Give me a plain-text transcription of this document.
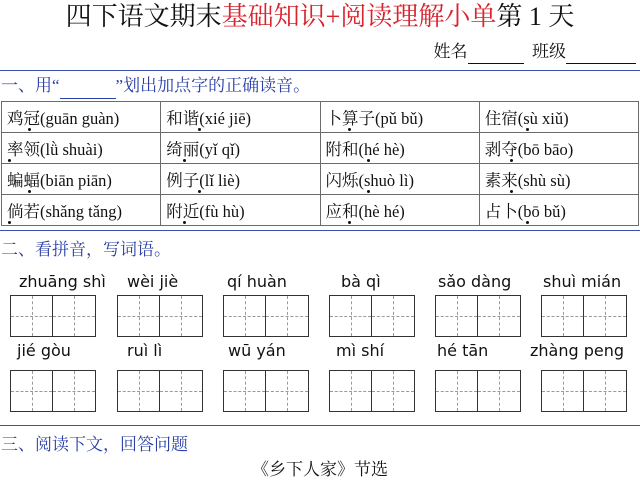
四下语文期末基础知识+阅读理解小单第 1 天
姓名	班级
一、用“	”划出加点字的正确读音。
鸡冠(guān guàn)	和谐(xié jiē)	卜算子(pǔ bǔ)	住宿(sù xiǔ)
率领(lǜ shuài)	绮丽(yǐ qǐ)	附和(hé hè)	剥夺(bō bāo)
蝙蝠(biān piān)	例子(lǐ liè)	闪烁(shuò lì)	素来(shù sù)
倘若(shǎng tǎng)	附近(fù hù)	应和(hè hé)	占卜(bō bǔ)
二、看拼音，写词语。
zhuāng shì wèi jiè	qí huàn	bà qì	sǎo dàng shuì mián
jié gòu	ruì lì	wū yán	mì shí	hé tān	zhàng peng
三、阅读下文，回答问题
《乡下人家》节选
